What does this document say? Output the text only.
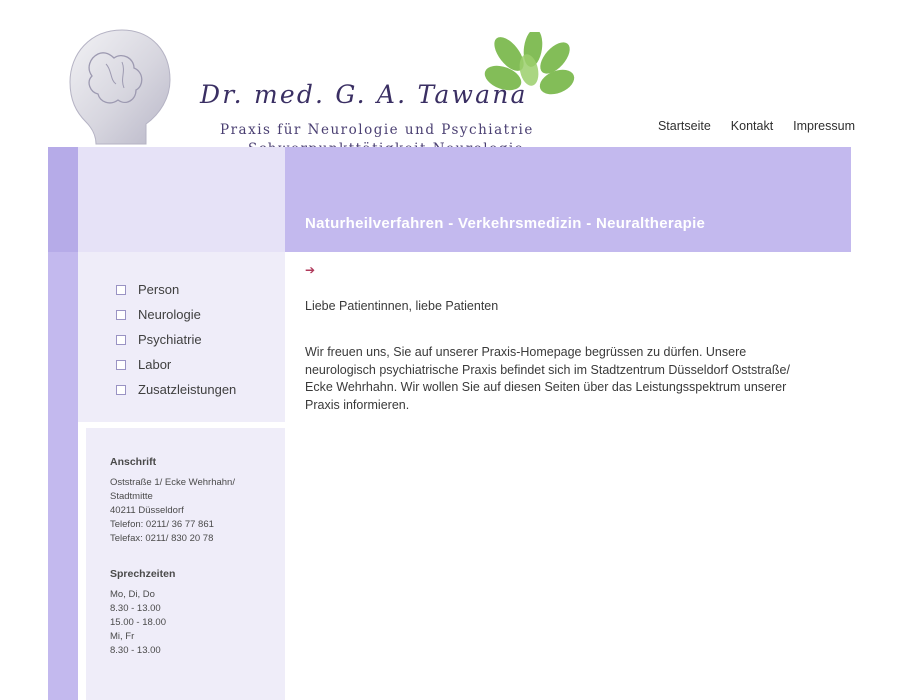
Dr. med. G. A. Tawana
Praxis für Neurologie und Psychiatrie	Startseite Kontakt Impressum
Naturheilverfahren - Verkehrsmedizin - Neuraltherapie
Person
Neurologie
Psychiatrie
Labor
Zusatzleistungen
Anschrift
Oststraße 1/ Ecke Wehrhahn/ Stadtmitte
40211 Düsseldorf
Telefon: 0211/ 36 77 861
Telefax: 0211/ 830 20 78
Sprechzeiten
Mo, Di, Do
8.30 - 13.00
15.00 - 18.00
Mi, Fr
8.30 - 13.00
➔
Liebe Patientinnen, liebe Patienten
Wir freuen uns, Sie auf unserer Praxis-Homepage begrüssen zu dürfen. Unsere neurologisch psychiatrische Praxis befindet sich im Stadtzentrum Düsseldorf Oststraße/ Ecke Wehrhahn. Wir wollen Sie auf diesen Seiten über das Leistungsspektrum unserer Praxis informieren.
